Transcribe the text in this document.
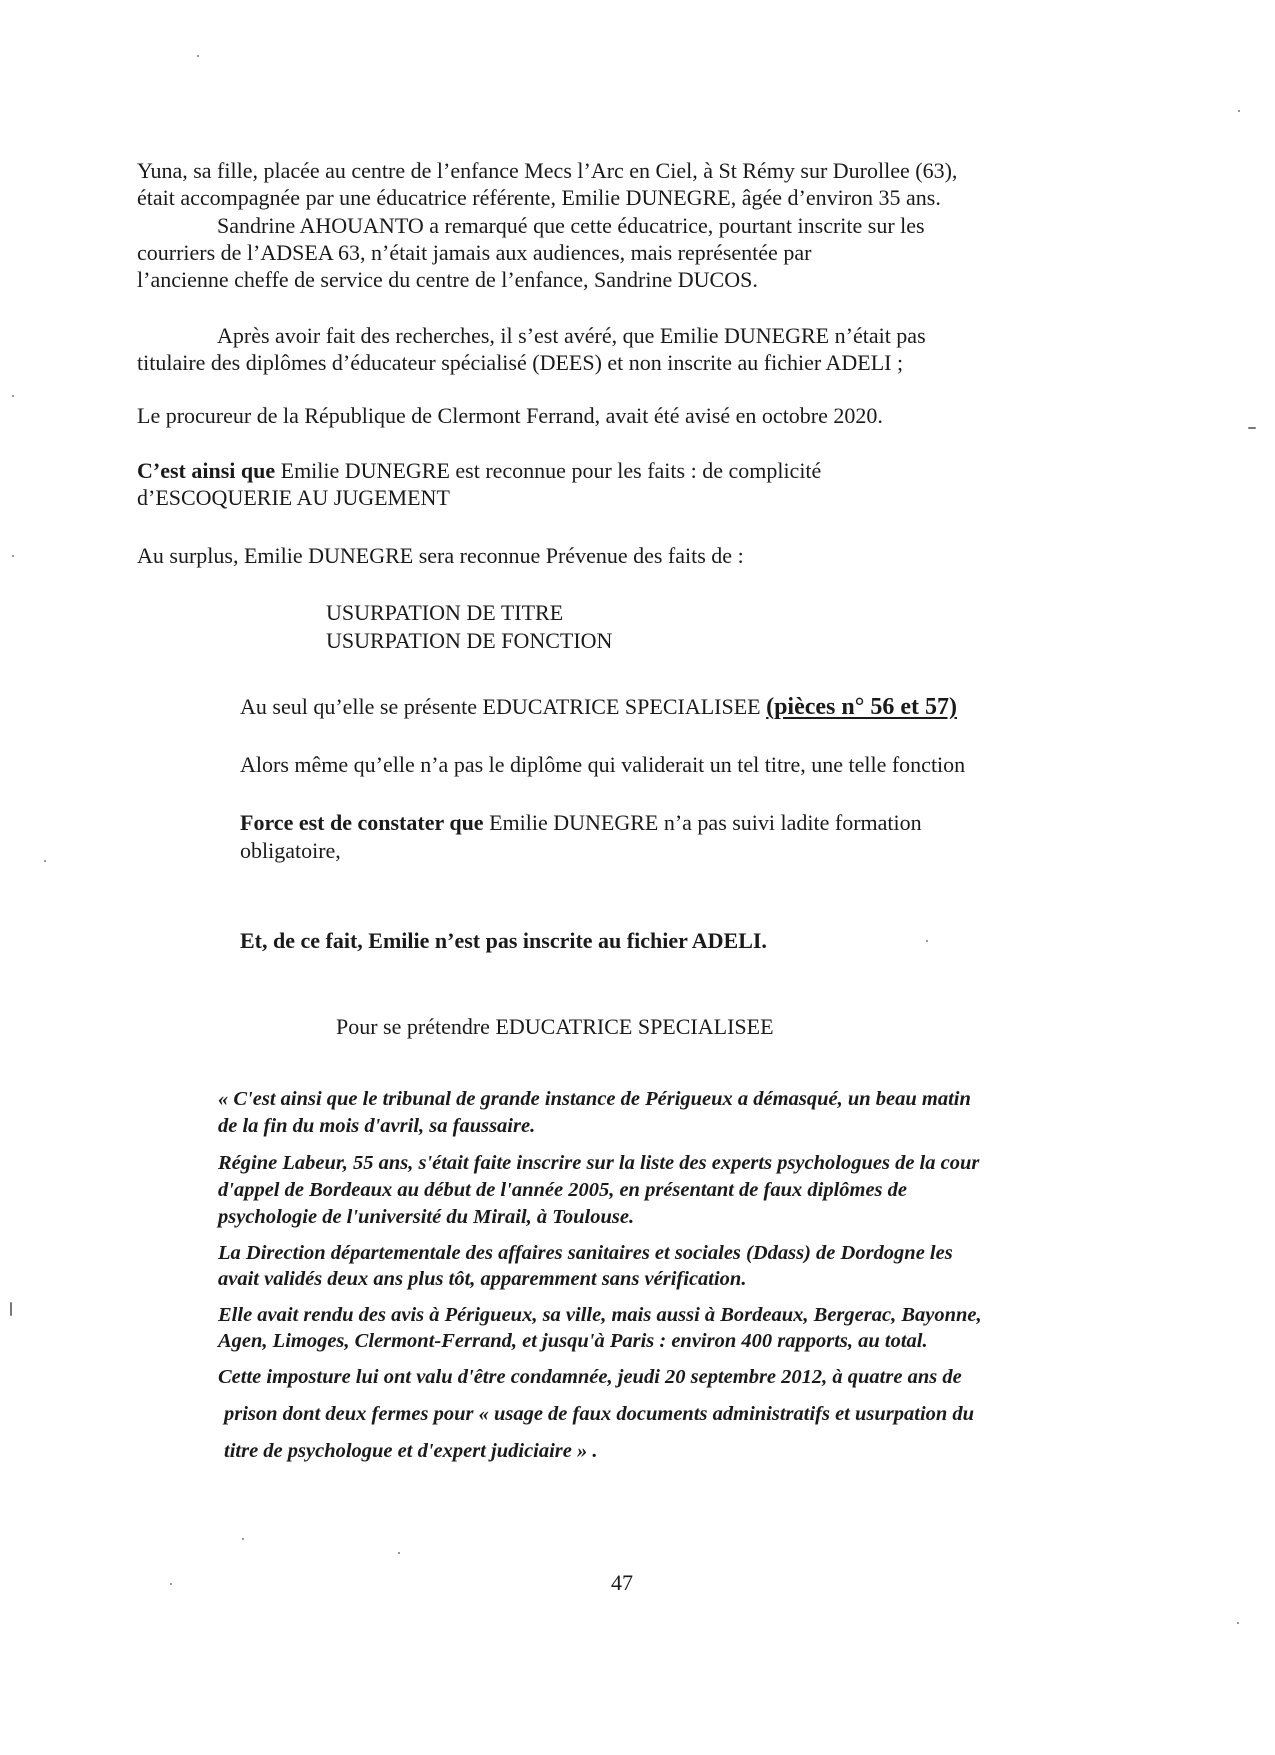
Yuna, sa fille, placée au centre de l’enfance Mecs l’Arc en Ciel, à St Rémy sur Durollee (63),
était accompagnée par une éducatrice référente, Emilie DUNEGRE, âgée d’environ 35 ans.
Sandrine AHOUANTO a remarqué que cette éducatrice, pourtant inscrite sur les
courriers de l’ADSEA 63, n’était jamais aux audiences, mais représentée par
l’ancienne cheffe de service du centre de l’enfance, Sandrine DUCOS.
Après avoir fait des recherches, il s’est avéré, que Emilie DUNEGRE n’était pas
titulaire des diplômes d’éducateur spécialisé (DEES) et non inscrite au fichier ADELI ;
Le procureur de la République de Clermont Ferrand, avait été avisé en octobre 2020.
C’est ainsi que Emilie DUNEGRE est reconnue pour les faits : de complicité
d’ESCOQUERIE AU JUGEMENT
Au surplus, Emilie DUNEGRE sera reconnue Prévenue des faits de :
USURPATION DE TITRE
USURPATION DE FONCTION
Au seul qu’elle se présente EDUCATRICE SPECIALISEE (pièces n° 56 et 57)
Alors même qu’elle n’a pas le diplôme qui validerait un tel titre, une telle fonction
Force est de constater que Emilie DUNEGRE n’a pas suivi ladite formation
obligatoire,
Et, de ce fait, Emilie n’est pas inscrite au fichier ADELI.
Pour se prétendre EDUCATRICE SPECIALISEE
« C'est ainsi que le tribunal de grande instance de Périgueux a démasqué, un beau matin
de la fin du mois d'avril, sa faussaire.
Régine Labeur, 55 ans, s'était faite inscrire sur la liste des experts psychologues de la cour
d'appel de Bordeaux au début de l'année 2005, en présentant de faux diplômes de
psychologie de l'université du Mirail, à Toulouse.
La Direction départementale des affaires sanitaires et sociales (Ddass) de Dordogne les
avait validés deux ans plus tôt, apparemment sans vérification.
Elle avait rendu des avis à Périgueux, sa ville, mais aussi à Bordeaux, Bergerac, Bayonne,
Agen, Limoges, Clermont-Ferrand, et jusqu'à Paris : environ 400 rapports, au total.
Cette imposture lui ont valu d'être condamnée, jeudi 20 septembre 2012, à quatre ans de
prison dont deux fermes pour « usage de faux documents administratifs et usurpation du
titre de psychologue et d'expert judiciaire » .
47
